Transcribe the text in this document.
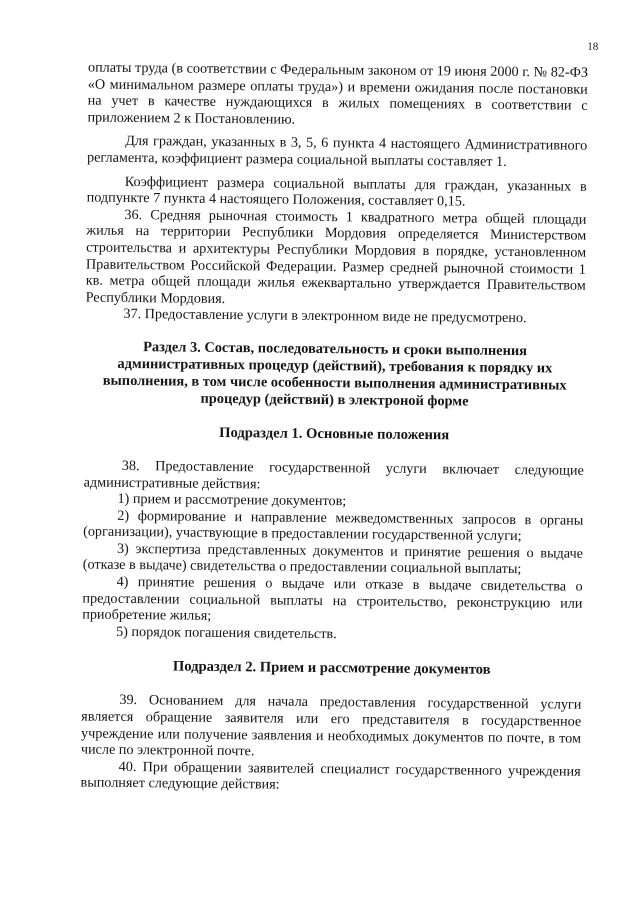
18

оплаты труда (в соответствии с Федеральным законом от 19 июня 2000 г. № 82-ФЗ «О минимальном размере оплаты труда») и времени ожидания после постановки на учет в качестве нуждающихся в жилых помещениях в соответствии с приложением 2 к Постановлению.

Для граждан, указанных в 3, 5, 6 пункта 4 настоящего Административного регламента, коэффициент размера социальной выплаты составляет 1.

Коэффициент размера социальной выплаты для граждан, указанных в подпункте 7 пункта 4 настоящего Положения, составляет 0,15.

36. Средняя рыночная стоимость 1 квадратного метра общей площади жилья на территории Республики Мордовия определяется Министерством строительства и архитектуры Республики Мордовия в порядке, установленном Правительством Российской Федерации. Размер средней рыночной стоимости 1 кв. метра общей площади жилья ежеквартально утверждается Правительством Республики Мордовия.

37. Предоставление услуги в электронном виде не предусмотрено.

Раздел 3. Состав, последовательность и сроки выполнения административных процедур (действий), требования к порядку их выполнения, в том числе особенности выполнения административных процедур (действий) в электроной форме

Подраздел 1. Основные положения

38. Предоставление государственной услуги включает следующие административные действия:

1) прием и рассмотрение документов;

2) формирование и направление межведомственных запросов в органы (организации), участвующие в предоставлении государственной услуги;

3) экспертиза представленных документов и принятие решения о выдаче (отказе в выдаче) свидетельства о предоставлении социальной выплаты;

4) принятие решения о выдаче или отказе в выдаче свидетельства о предоставлении социальной выплаты на строительство, реконструкцию или приобретение жилья;

5) порядок погашения свидетельств.

Подраздел 2. Прием и рассмотрение документов

39. Основанием для начала предоставления государственной услуги является обращение заявителя или его представителя в государственное учреждение или получение заявления и необходимых документов по почте, в том числе по электронной почте.

40. При обращении заявителей специалист государственного учреждения выполняет следующие действия:
